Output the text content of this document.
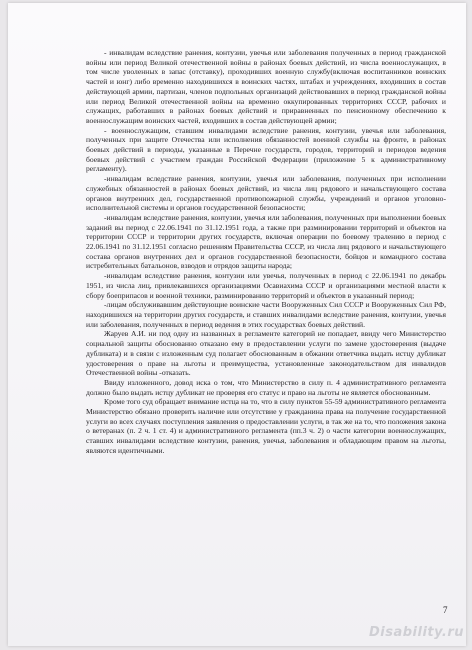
- инвалидам вследствие ранения, контузии, увечья или заболевания полученных в период гражданской войны или период Великой отечественной войны в районах боевых действий, из числа военнослужащих, в том числе уволенных в запас (отставку), проходивших военную службу(включая воспитанников воинских частей и юнг) либо временно находившихся в воинских частях, штабах и учреждениях, входивших в состав действующей армии, партизан, членов подпольных организаций действовавших в период гражданской войны или период Великой отечественной войны на временно оккупированных территориях СССР, рабочих и служащих, работавших в районах боевых действий и приравненных по пенсионному обеспечению к военнослужащим воинских частей, входивших в состав действующей армии;

- военнослужащим, ставшим инвалидами вследствие ранения, контузии, увечья или заболевания, полученных при защите Отечества или исполнения обязанностей военной службы на фронте, в районах боевых действий в периоды, указанные в Перечне государств, городов, территорий и периодов ведения боевых действий с участием граждан Российской Федерации (приложение 5 к административному регламенту).

-инвалидам вследствие ранения, контузии, увечья или заболевания, полученных при исполнении служебных обязанностей в районах боевых действий, из числа лиц рядового и начальствующего состава органов внутренних дел, государственной противопожарной службы, учреждений и органов уголовно-исполнительной системы и органов государственной безопасности;

-инвалидам вследствие ранения, контузии, увечья или заболевания, полученных при выполнении боевых заданий вы период с 22.06.1941 по 31.12.1951 года, а также при разминировании территорий и объектов на территории СССР и территории других государств, включая операции по боевому тралению в период с 22.06.1941 по 31.12.1951 согласно решениям Правительства СССР, из числа лиц рядового и начальствующего состава органов внутренних дел и органов государственной безопасности, бойцов и командного состава истребительных батальонов, взводов и отрядов защиты народа;

-инвалидам вследствие ранения, контузии или увечья, полученных в период с 22.06.1941 по декабрь 1951, из числа лиц, привлекавшихся организациями Осавиахима СССР и организациями местной власти к сбору боеприпасов и военной техники, разминированию территорий и объектов в указанный период;

-лицам обслуживавшим действующие воинские части Вооруженных Сил СССР и Вооруженных Сил РФ, находившихся на территории других государств, и ставших инвалидами вследствие ранения, контузии, увечья или заболевания, полученных в период ведения в этих государствах боевых действий.

Жаруев А.И. ни под одну из названных в регламенте категорий не попадает, ввиду чего Министерство социальной защиты обоснованно отказано ему в предоставлении услуги по замене удостоверения (выдаче дубликата) и в связи с изложенным суд полагает обоснованным в обжании ответчика выдать истцу дубликат удостоверения о праве на льготы и преимущества, установленные законодательством для инвалидов Отечественной войны -отказать.

Ввиду изложенного, довод иска о том, что Министерство в силу п. 4 административного регламента должно было выдать истцу дубликат не проверяя его статус и право на льготы не является обоснованным.

Кроме того суд обращает внимание истца на то, что в силу пунктов 55-59 административного регламента Министерство обязано проверить наличие или отсутствие у гражданина права на получение государственной услуги во всех случаях поступления заявления о предоставлении услуги, в так же на то, что положения закона о ветеранах (п. 2 ч. 1 ст. 4) и административного регламента (пп.3 ч. 2) о части категории военнослужащих, ставших инвалидами вследствие контузии, ранения, увечья, заболевания и обладающим правом на льготы, являются идентичными.

7
Disability.ru
